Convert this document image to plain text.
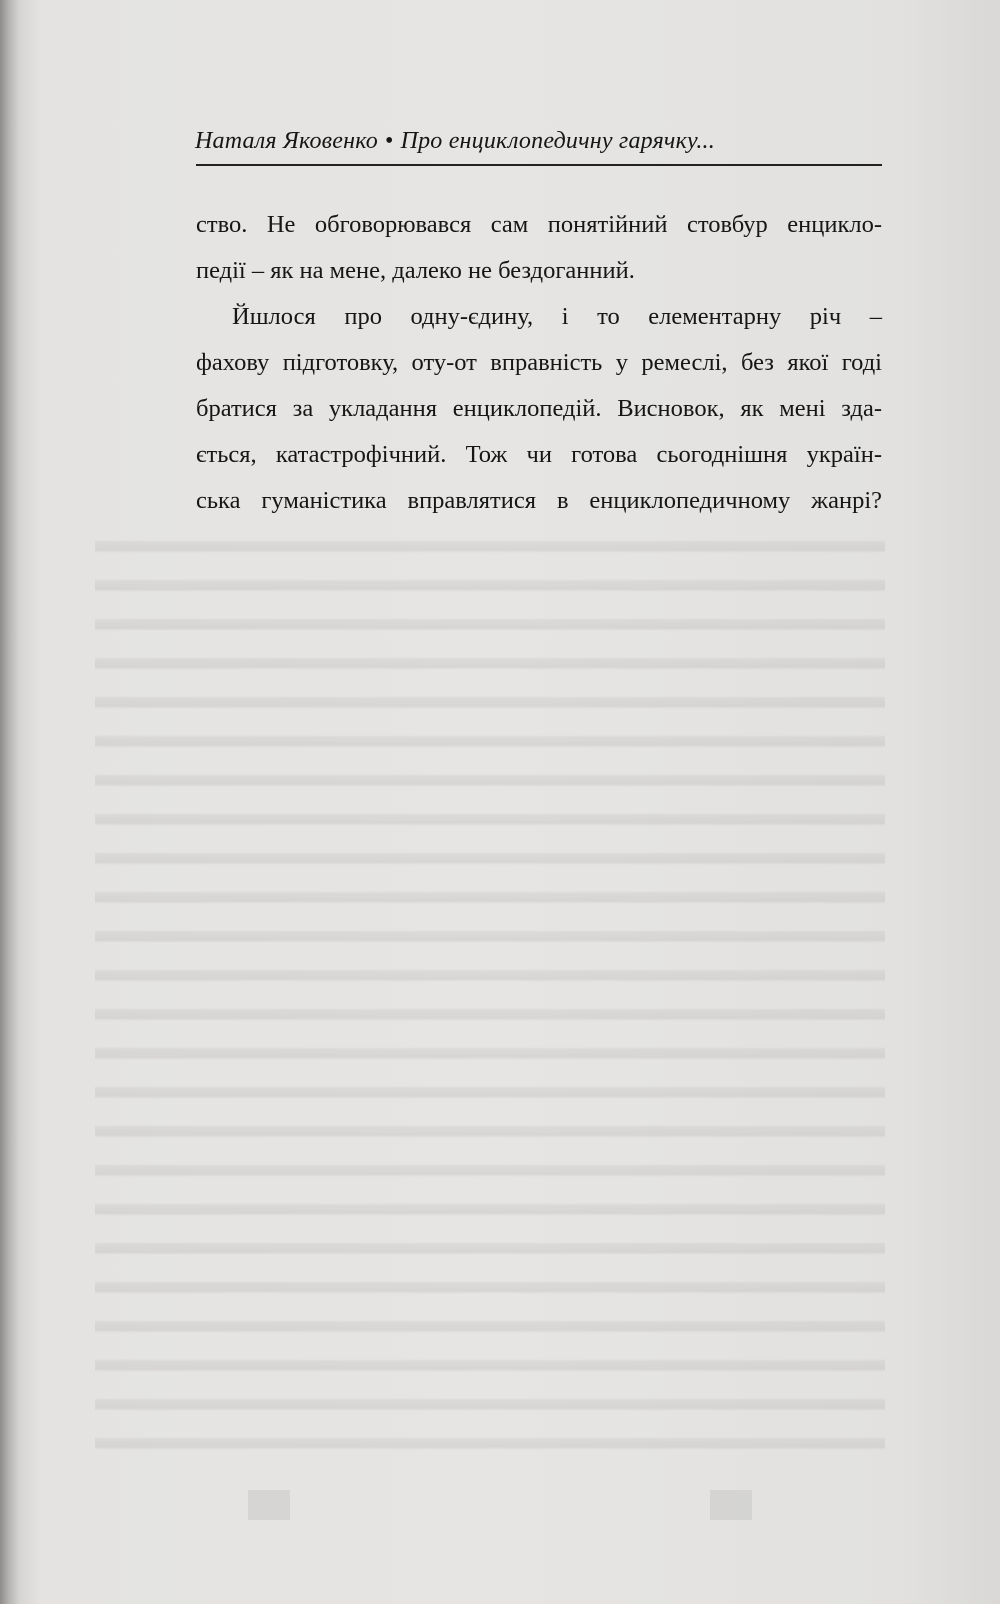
Наталя Яковенко • Про енциклопедичну гарячку...
ство. Не обговорювався сам понятійний стовбур енцикло-
педії – як на мене, далеко не бездоганний.
Йшлося про одну-єдину, і то елементарну річ –
фахову підготовку, оту-от вправність у ремеслі, без якої годі
братися за укладання енциклопедій. Висновок, як мені зда-
ється, катастрофічний. Тож чи готова сьогоднішня україн-
ська гуманістика вправлятися в енциклопедичному жанрі?
